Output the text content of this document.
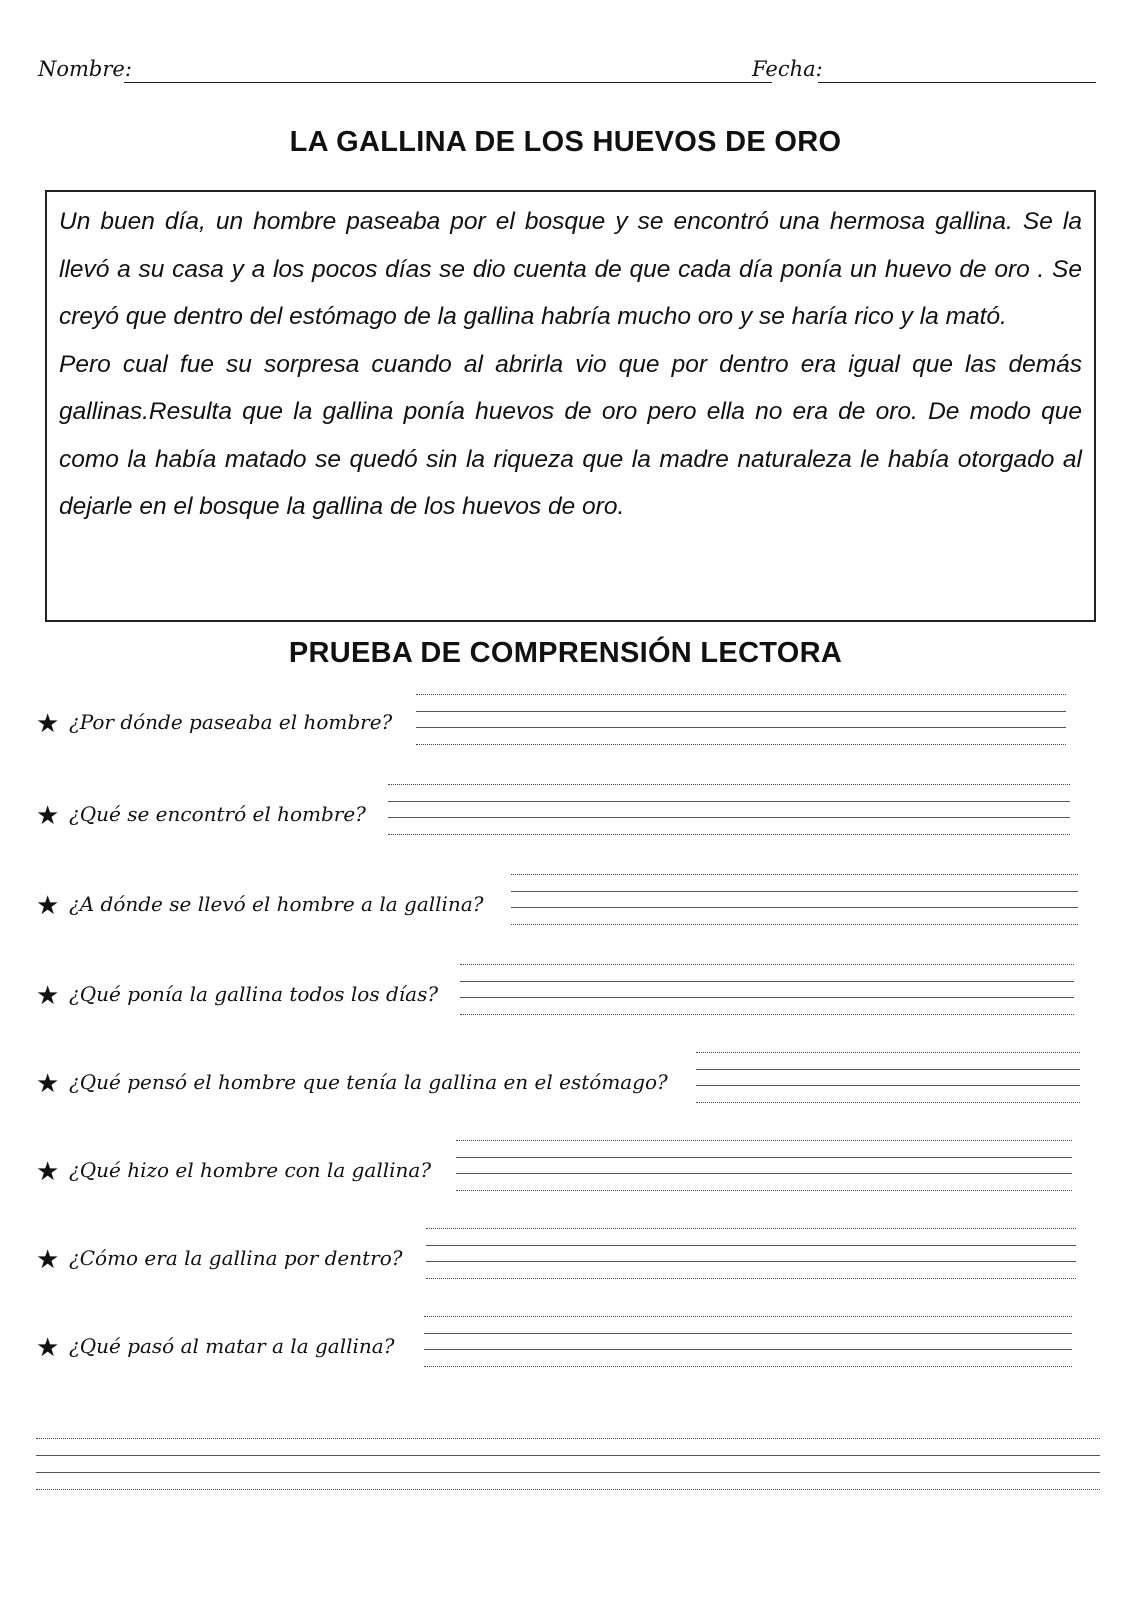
Nombre:	Fecha:
LA GALLINA DE LOS HUEVOS DE ORO

Un buen día, un hombre paseaba por el bosque y se encontró una hermosa gallina. Se la llevó a su casa y a los pocos días se dio cuenta de que cada día ponía un huevo de oro . Se creyó que dentro del estómago de la gallina habría mucho oro y se haría rico y la mató.

Pero cual fue su sorpresa cuando al abrirla vio que por dentro era igual que las demás gallinas.Resulta que la gallina ponía huevos de oro pero ella no era de oro. De modo que como la había matado se quedó sin la riqueza que la madre naturaleza le había otorgado al dejarle en el bosque la gallina de los huevos de oro.

PRUEBA DE COMPRENSIÓN LECTORA
★ ¿Por dónde paseaba el hombre?
★ ¿Qué se encontró el hombre?
★ ¿A dónde se llevó el hombre a la gallina?
★ ¿Qué ponía la gallina todos los días?
★ ¿Qué pensó el hombre que tenía la gallina en el estómago?
★ ¿Qué hizo el hombre con la gallina?
★ ¿Cómo era la gallina por dentro?
★ ¿Qué pasó al matar a la gallina?
